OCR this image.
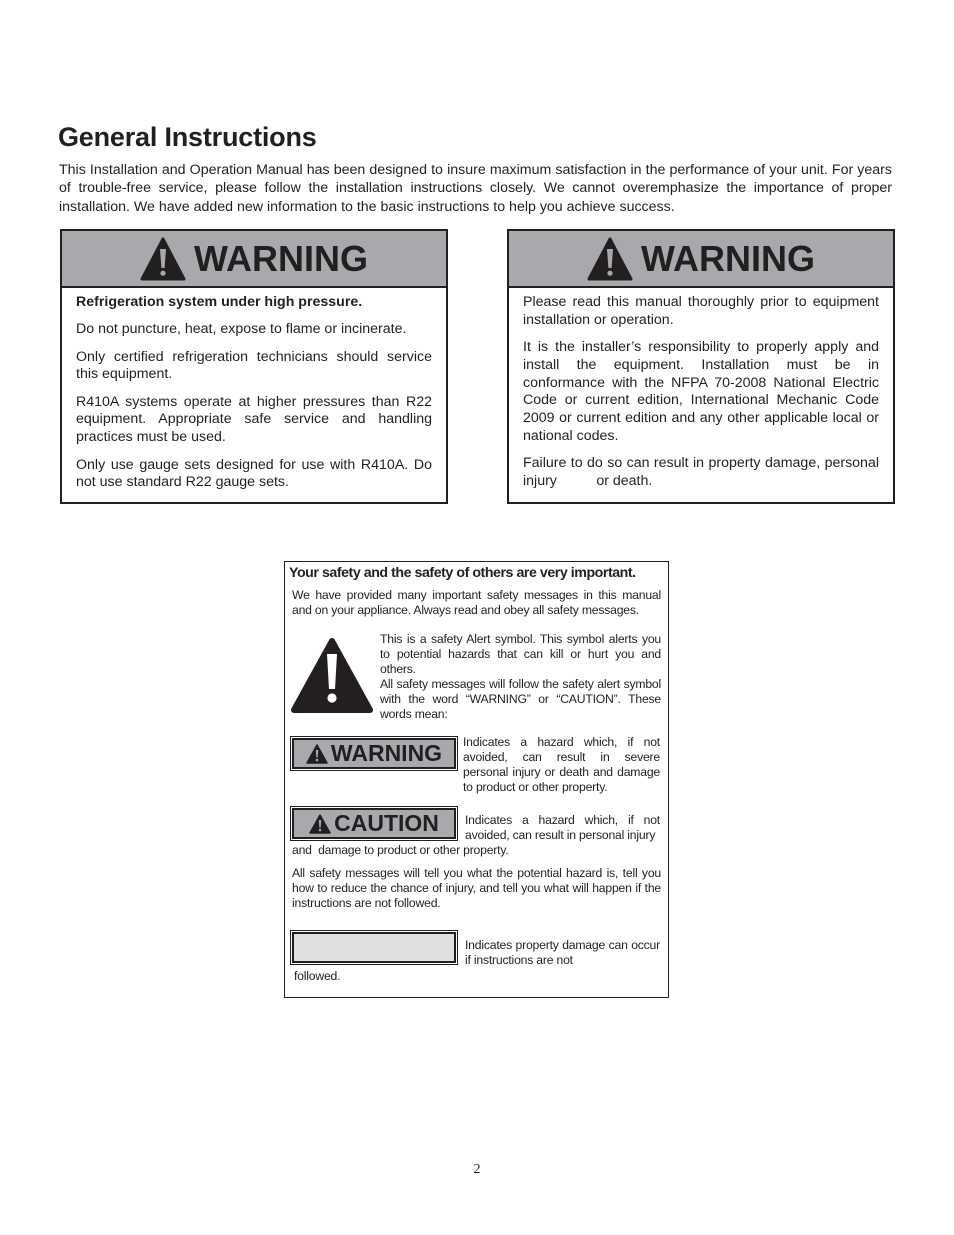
General Instructions
This Installation and Operation Manual has been designed to insure maximum satisfaction in the performance of your unit. For years of trouble-free service, please follow the installation instructions closely. We cannot overemphasize the importance of proper installation. We have added new information to the basic instructions to help you achieve success.
WARNING

Refrigeration system under high pressure.

Do not puncture, heat, expose to flame or incinerate.

Only certified refrigeration technicians should service this equipment.

R410A systems operate at higher pressures than R22 equipment. Appropriate safe service and handling practices must be used.

Only use gauge sets designed for use with R410A. Do not use standard R22 gauge sets.

WARNING

Please read this manual thoroughly prior to equipment installation or operation.

It is the installer’s responsibility to properly apply and install the equipment. Installation must be in conformance with the NFPA 70-2008 National Electric Code or current edition, International Mechanic Code 2009 or current edition and any other applicable local or national codes.

Failure to do so can result in property damage, personal injury          or death.

Your safety and the safety of others are very important.
We have provided many important safety messages in this manual and on your appliance. Always read and obey all safety messages.
This is a safety Alert symbol. This symbol alerts you to potential hazards that can kill or hurt you and others.
All safety messages will follow the safety alert symbol with the word “WARNING” or “CAUTION”. These words mean:
WARNING Indicates a hazard which, if not avoided, can result in severe personal injury or death and damage to product or other property.
CAUTION Indicates a hazard which, if not avoided, can result in personal injury
and  damage to product or other property.
All safety messages will tell you what the potential hazard is, tell you how to reduce the chance of injury, and tell you what will happen if the instructions are not followed.
Indicates property damage can occur if instructions are not
followed.
2
